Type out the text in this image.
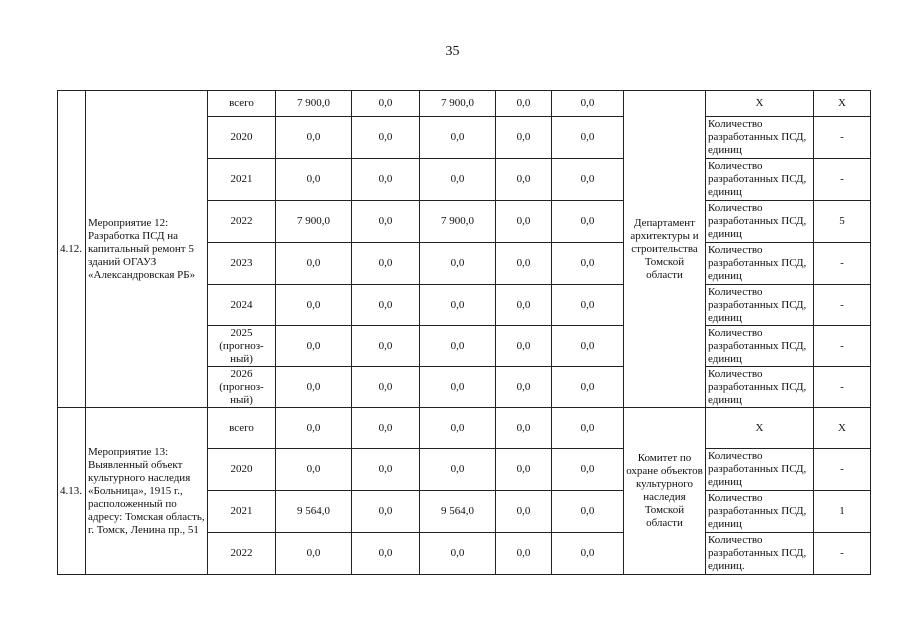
35
4.12.	Мероприятие 12: Разработка ПСД на капитальный ремонт 5 зданий ОГАУЗ «Александровская РБ»	всего	7 900,0	0,0	7 900,0	0,0	0,0	Департамент архитектуры и строительства Томской области	X	X
		2020	0,0	0,0	0,0	0,0	0,0		Количество разработанных ПСД, единиц	-
		2021	0,0	0,0	0,0	0,0	0,0		Количество разработанных ПСД, единиц	-
		2022	7 900,0	0,0	7 900,0	0,0	0,0		Количество разработанных ПСД, единиц	5
		2023	0,0	0,0	0,0	0,0	0,0		Количество разработанных ПСД, единиц	-
		2024	0,0	0,0	0,0	0,0	0,0		Количество разработанных ПСД, единиц	-
		2025 (прогноз-ный)	0,0	0,0	0,0	0,0	0,0		Количество разработанных ПСД, единиц	-
		2026 (прогноз-ный)	0,0	0,0	0,0	0,0	0,0		Количество разработанных ПСД, единиц	-
4.13.	Мероприятие 13: Выявленный объект культурного наследия «Больница», 1915 г., расположенный по адресу: Томская область, г. Томск, Ленина пр., 51	всего	0,0	0,0	0,0	0,0	0,0	Комитет по охране объектов культурного наследия Томской области	X	X
		2020	0,0	0,0	0,0	0,0	0,0		Количество разработанных ПСД, единиц	-
		2021	9 564,0	0,0	9 564,0	0,0	0,0		Количество разработанных ПСД, единиц	1
		2022	0,0	0,0	0,0	0,0	0,0		Количество разработанных ПСД, единиц.	-
